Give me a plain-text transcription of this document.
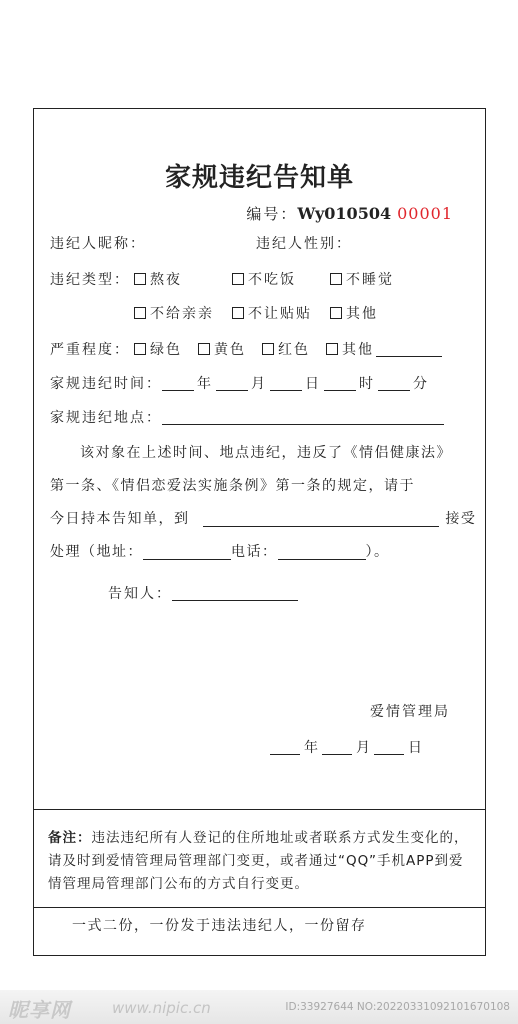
家规违纪告知单
编号：Wy010504 00001
违纪人昵称：	违纪人性别：
违纪类型： 熬夜	不吃饭	不睡觉
不给亲亲 不让贴贴 其他
严重程度： 绿色 黄色 红色 其他
家规违纪时间：	年	月	日	时	分
家规违纪地点：
该对象在上述时间、地点违纪，违反了《情侣健康法》
第一条、《情侣恋爱法实施条例》第一条的规定，请于
今日持本告知单，到	接受
处理（地址：	电话：	）。
告知人：
爱情管理局
年	月	日
备注：违法违纪所有人登记的住所地址或者联系方式发生变化的，请及时到爱情管理局管理部门变更，或者通过“QQ”手机APP到爱情管理局管理部门公布的方式自行变更。
一式二份，一份发于违法违纪人，一份留存
昵享网	www.nipic.cn	ID:33927644 NO:20220331092101670108
